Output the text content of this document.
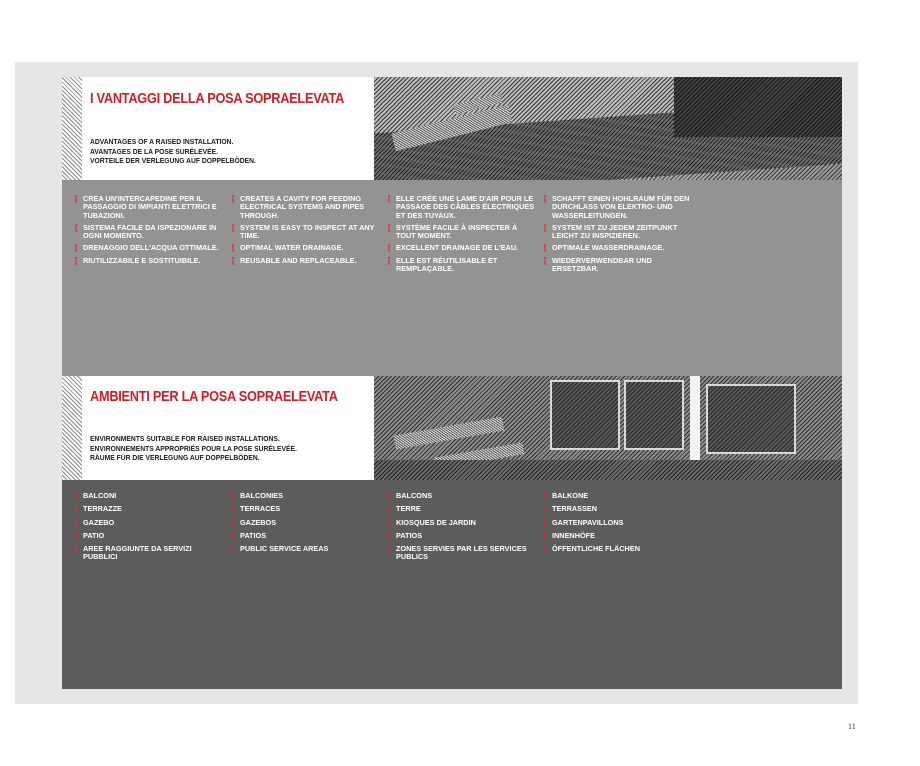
I VANTAGGI DELLA POSA SOPRAELEVATA
ADVANTAGES OF A RAISED INSTALLATION.
AVANTAGES DE LA POSE SURÉLEVÉE.
VORTEILE DER VERLEGUNG AUF DOPPELBÖDEN.
[ CREA UN'INTERCAPEDINE PER IL PASSAGGIO DI IMPIANTI ELETTRICI E TUBAZIONI.
[ SISTEMA FACILE DA ISPEZIONARE IN OGNI MOMENTO.
[ DRENAGGIO DELL'ACQUA OTTIMALE.
[ RIUTILIZZABILE E SOSTITUIBILE.
[ CREATES A CAVITY FOR FEEDING ELECTRICAL SYSTEMS AND PIPES THROUGH.
[ SYSTEM IS EASY TO INSPECT AT ANY TIME.
[ OPTIMAL WATER DRAINAGE.
[ REUSABLE AND REPLACEABLE.
[ ELLE CRÉE UNE LAME D'AIR POUR LE PASSAGE DES CÂBLES ÉLECTRIQUES ET DES TUYAUX.
[ SYSTÈME FACILE À INSPECTER À TOUT MOMENT.
[ EXCELLENT DRAINAGE DE L'EAU.
[ ELLE EST RÉUTILISABLE ET REMPLAÇABLE.
[ SCHAFFT EINEN HOHLRAUM FÜR DEN DURCHLASS VON ELEKTRO- UND WASSERLEITUNGEN.
[ SYSTEM IST ZU JEDEM ZEITPUNKT LEICHT ZU INSPIZIEREN.
[ OPTIMALE WASSERDRAINAGE.
[ WIEDERVERWENDBAR UND ERSETZBAR.
AMBIENTI PER LA POSA SOPRAELEVATA
ENVIRONMENTS SUITABLE FOR RAISED INSTALLATIONS.
ENVIRONNEMENTS APPROPRIÉS POUR LA POSE SURÉLEVÉE.
RÄUME FÜR DIE VERLEGUNG AUF DOPPELBÖDEN.
[ BALCONI
[ TERRAZZE
[ GAZEBO
[ PATIO
[ AREE RAGGIUNTE DA SERVIZI PUBBLICI
[ BALCONIES
[ TERRACES
[ GAZEBOS
[ PATIOS
[ PUBLIC SERVICE AREAS
[ BALCONS
[ TERRE
[ KIOSQUES DE JARDIN
[ PATIOS
[ ZONES SERVIES PAR LES SERVICES PUBLICS
[ BALKONE
[ TERRASSEN
[ GARTENPAVILLONS
[ INNENHÖFE
[ ÖFFENTLICHE FLÄCHEN
11
